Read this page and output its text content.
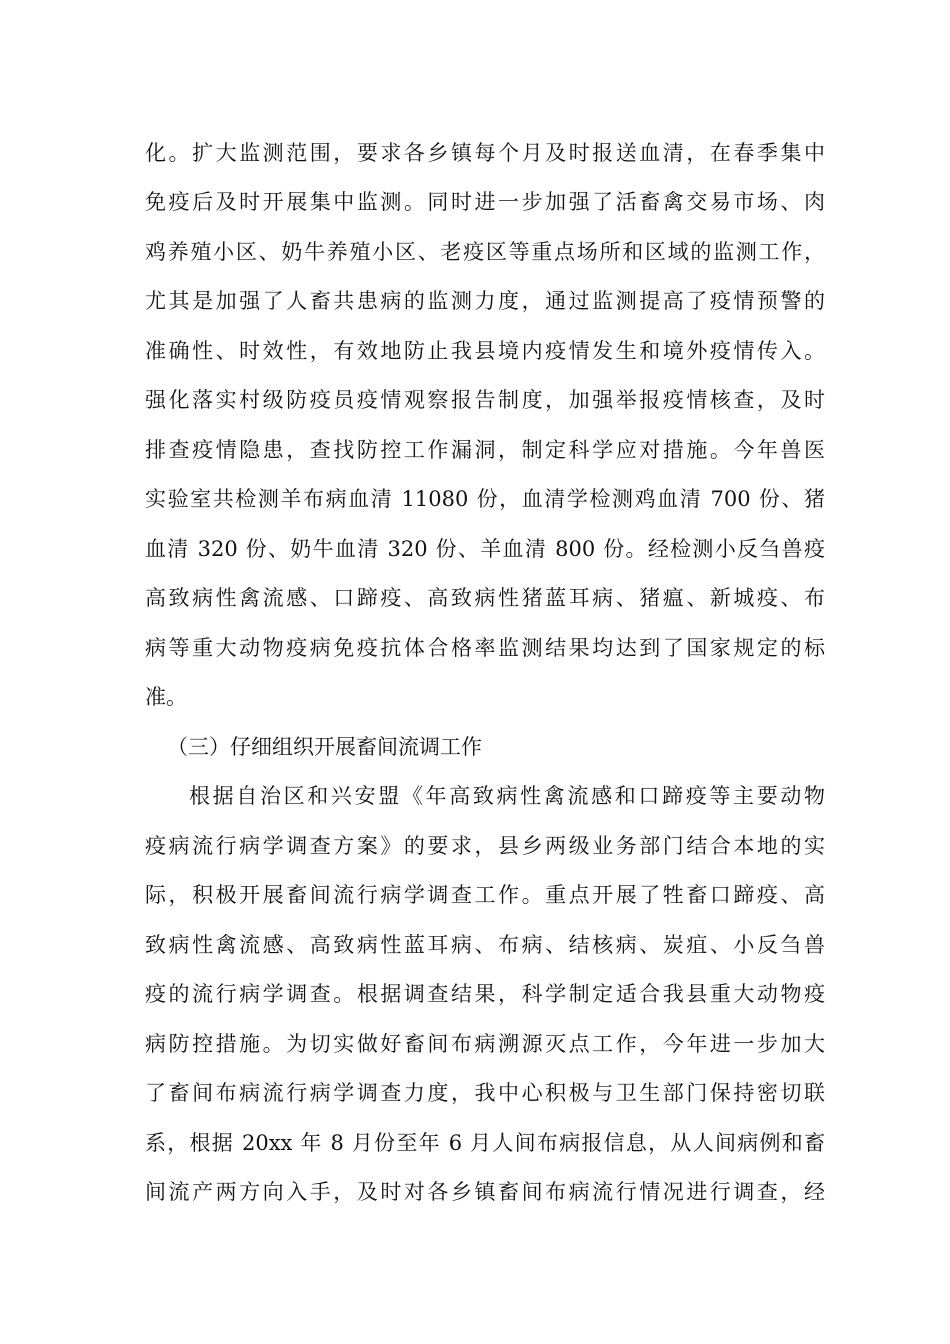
化。扩大监测范围，要求各乡镇每个月及时报送血清，在春季集中
免疫后及时开展集中监测。同时进一步加强了活畜禽交易市场、肉
鸡养殖小区、奶牛养殖小区、老疫区等重点场所和区域的监测工作，
尤其是加强了人畜共患病的监测力度，通过监测提高了疫情预警的
准确性、时效性，有效地防止我县境内疫情发生和境外疫情传入。
强化落实村级防疫员疫情观察报告制度，加强举报疫情核查，及时
排查疫情隐患，查找防控工作漏洞，制定科学应对措施。今年兽医
实验室共检测羊布病血清 11080 份，血清学检测鸡血清 700 份、猪
血清 320 份、奶牛血清 320 份、羊血清 800 份。经检测小反刍兽疫
高致病性禽流感、口蹄疫、高致病性猪蓝耳病、猪瘟、新城疫、布
病等重大动物疫病免疫抗体合格率监测结果均达到了国家规定的标
准。
（三）仔细组织开展畜间流调工作
根据自治区和兴安盟《年高致病性禽流感和口蹄疫等主要动物
疫病流行病学调查方案》的要求，县乡两级业务部门结合本地的实
际，积极开展畜间流行病学调查工作。重点开展了牲畜口蹄疫、高
致病性禽流感、高致病性蓝耳病、布病、结核病、炭疽、小反刍兽
疫的流行病学调查。根据调查结果，科学制定适合我县重大动物疫
病防控措施。为切实做好畜间布病溯源灭点工作，今年进一步加大
了畜间布病流行病学调查力度，我中心积极与卫生部门保持密切联
系，根据 20xx 年 8 月份至年 6 月人间布病报信息，从人间病例和畜
间流产两方向入手，及时对各乡镇畜间布病流行情况进行调查，经
